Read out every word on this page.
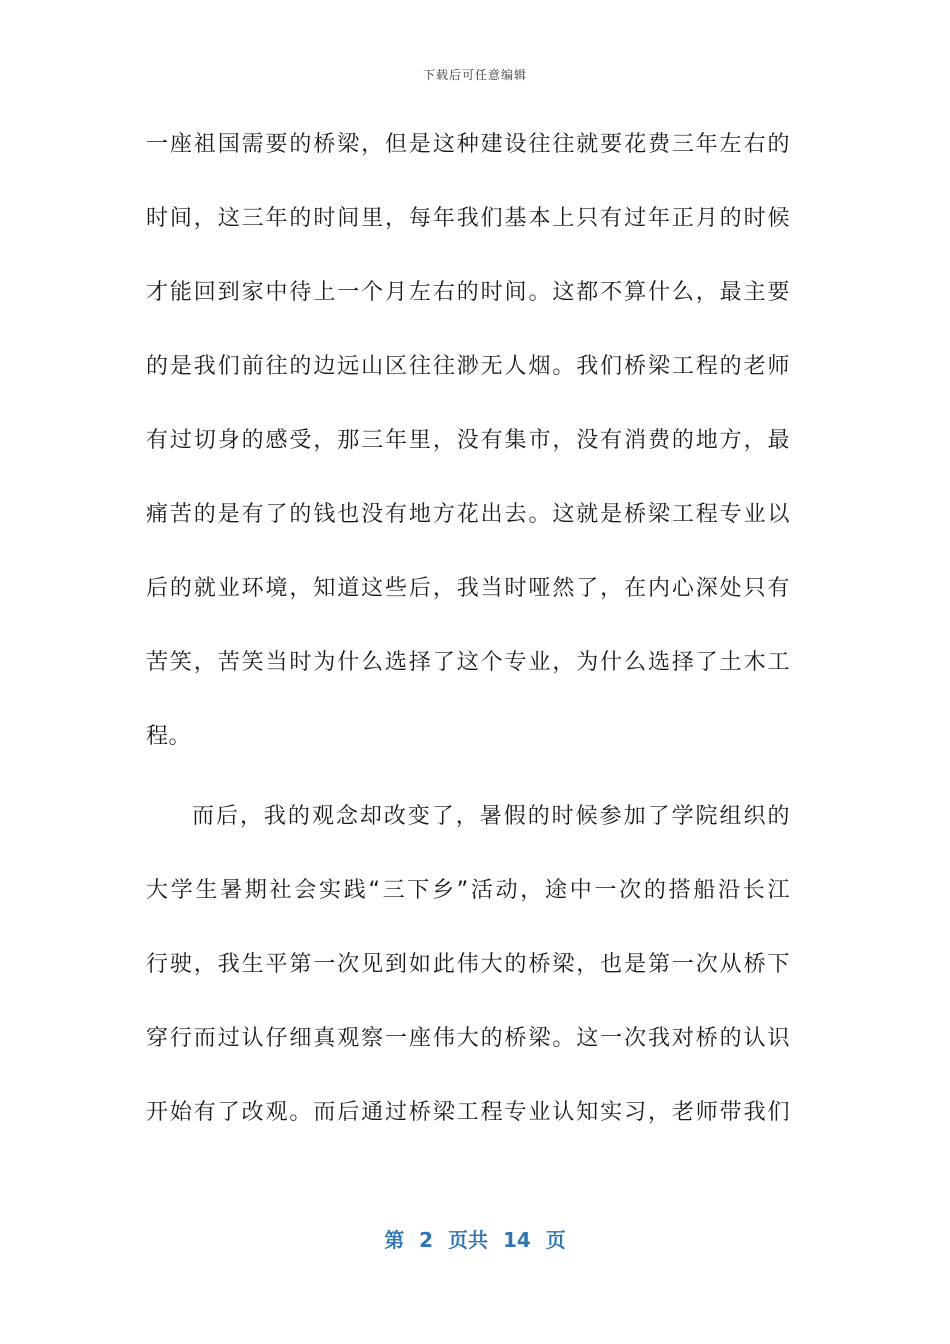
下载后可任意编辑
一座祖国需要的桥梁，但是这种建设往往就要花费三年左右的
时间，这三年的时间里，每年我们基本上只有过年正月的时候
才能回到家中待上一个月左右的时间。这都不算什么，最主要
的是我们前往的边远山区往往渺无人烟。我们桥梁工程的老师
有过切身的感受，那三年里，没有集市，没有消费的地方，最
痛苦的是有了的钱也没有地方花出去。这就是桥梁工程专业以
后的就业环境，知道这些后，我当时哑然了，在内心深处只有
苦笑，苦笑当时为什么选择了这个专业，为什么选择了土木工
程。
而后，我的观念却改变了，暑假的时候参加了学院组织的
大学生暑期社会实践“三下乡”活动，途中一次的搭船沿长江
行驶，我生平第一次见到如此伟大的桥梁，也是第一次从桥下
穿行而过认仔细真观察一座伟大的桥梁。这一次我对桥的认识
开始有了改观。而后通过桥梁工程专业认知实习，老师带我们
第 2 页共 14 页
